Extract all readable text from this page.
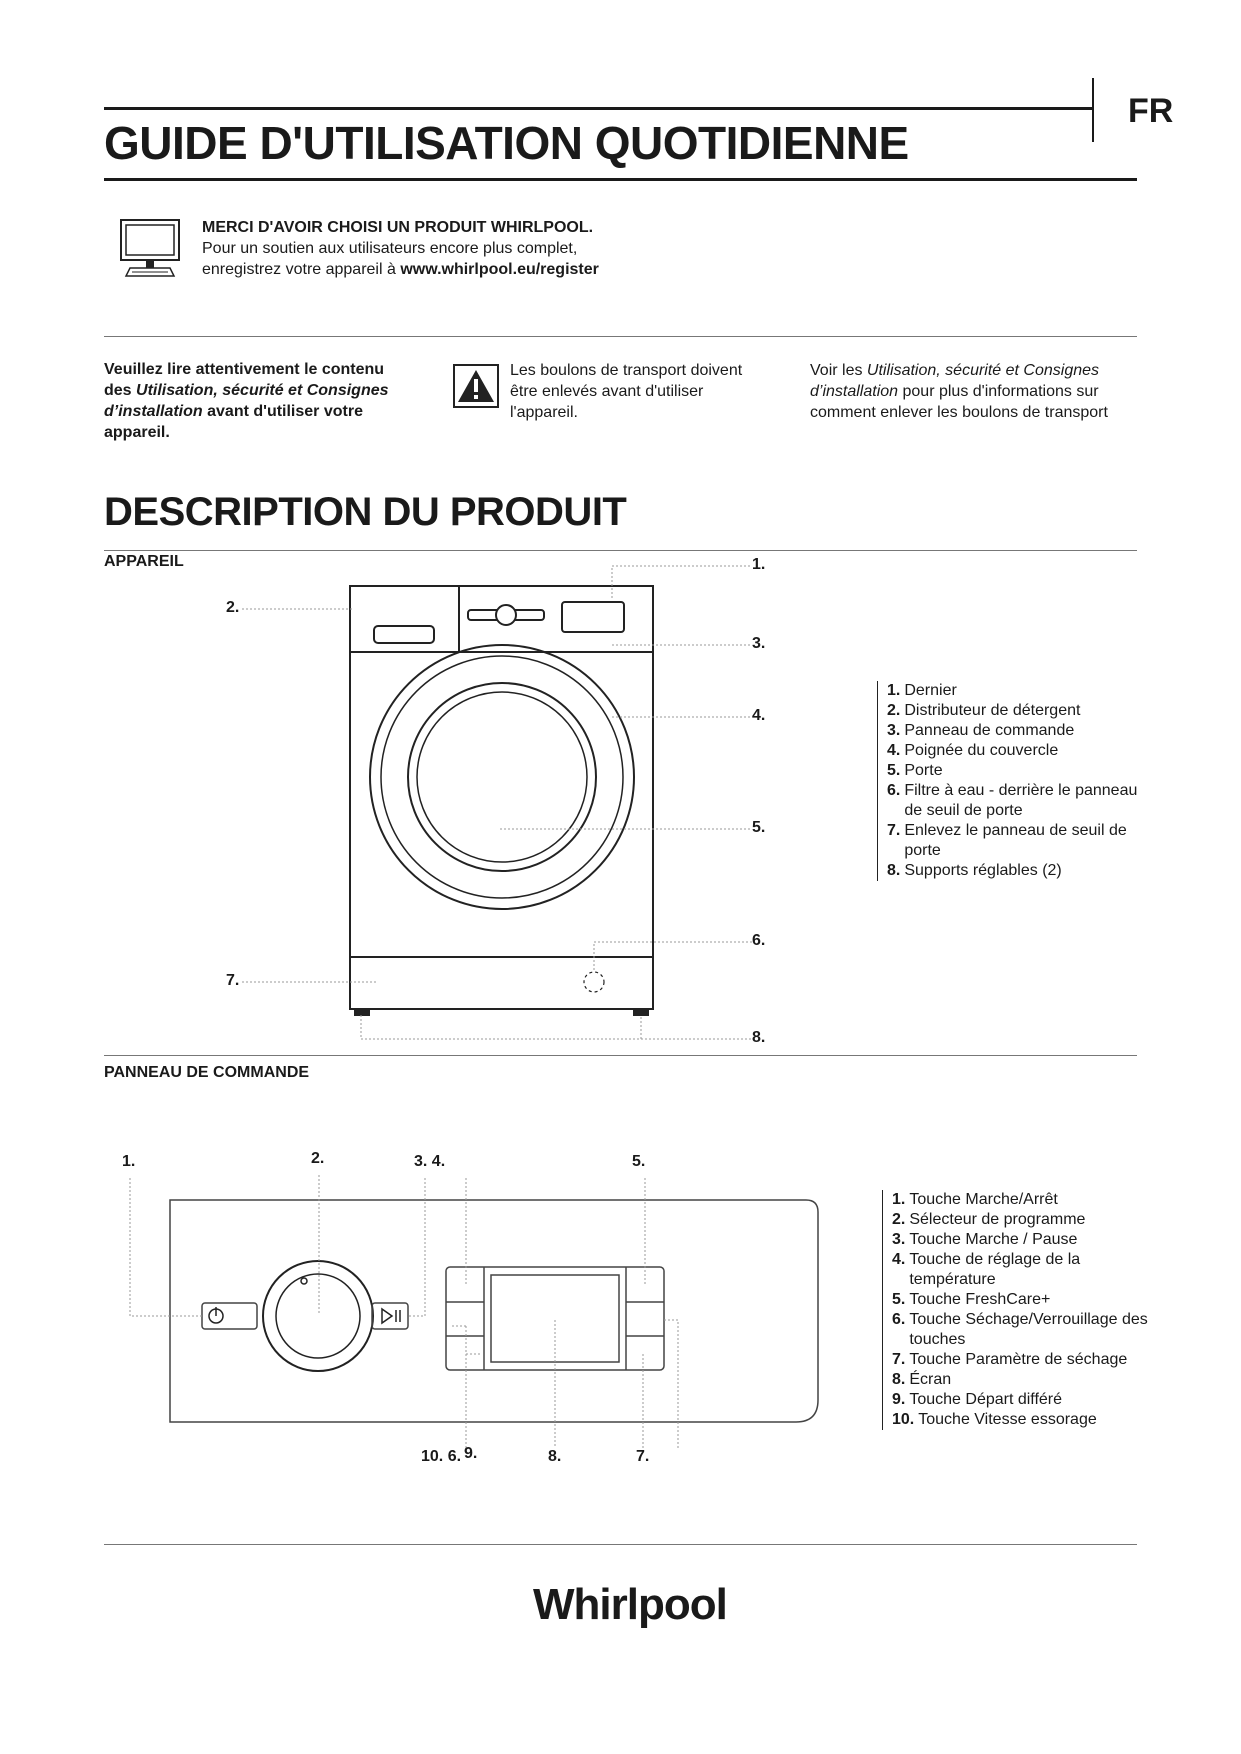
FR
GUIDE D'UTILISATION QUOTIDIENNE
MERCI D'AVOIR CHOISI UN PRODUIT WHIRLPOOL.
Pour un soutien aux utilisateurs encore plus complet,
enregistrez votre appareil à www.whirlpool.eu/register
Veuillez lire attentivement le contenu des Utilisation, sécurité et Consignes d’installation avant d'utiliser votre appareil.
Les boulons de transport doivent être enlevés avant d'utiliser l'appareil.
Voir les Utilisation, sécurité et Consignes d’installation pour plus d'informations sur comment enlever les boulons de transport
DESCRIPTION DU PRODUIT
APPAREIL	1.
2.
3.
4.
5.
6.
7.
8.
1. Dernier
2. Distributeur de détergent
3. Panneau de commande
4. Poignée du couvercle
5. Porte
6. Filtre à eau - derrière le panneau de seuil de porte
7. Enlevez le panneau de seuil de porte
8. Supports réglables (2)
PANNEAU DE COMMANDE
1.	2.	3. 4.	5.
10. 6. 9.	8.	7.
1. Touche Marche/Arrêt
2. Sélecteur de programme
3. Touche Marche / Pause
4. Touche de réglage de la température
5. Touche FreshCare+
6. Touche Séchage/Verrouillage des touches
7. Touche Paramètre de séchage
8. Écran
9. Touche Départ différé
10. Touche Vitesse essorage
Whirlpool
